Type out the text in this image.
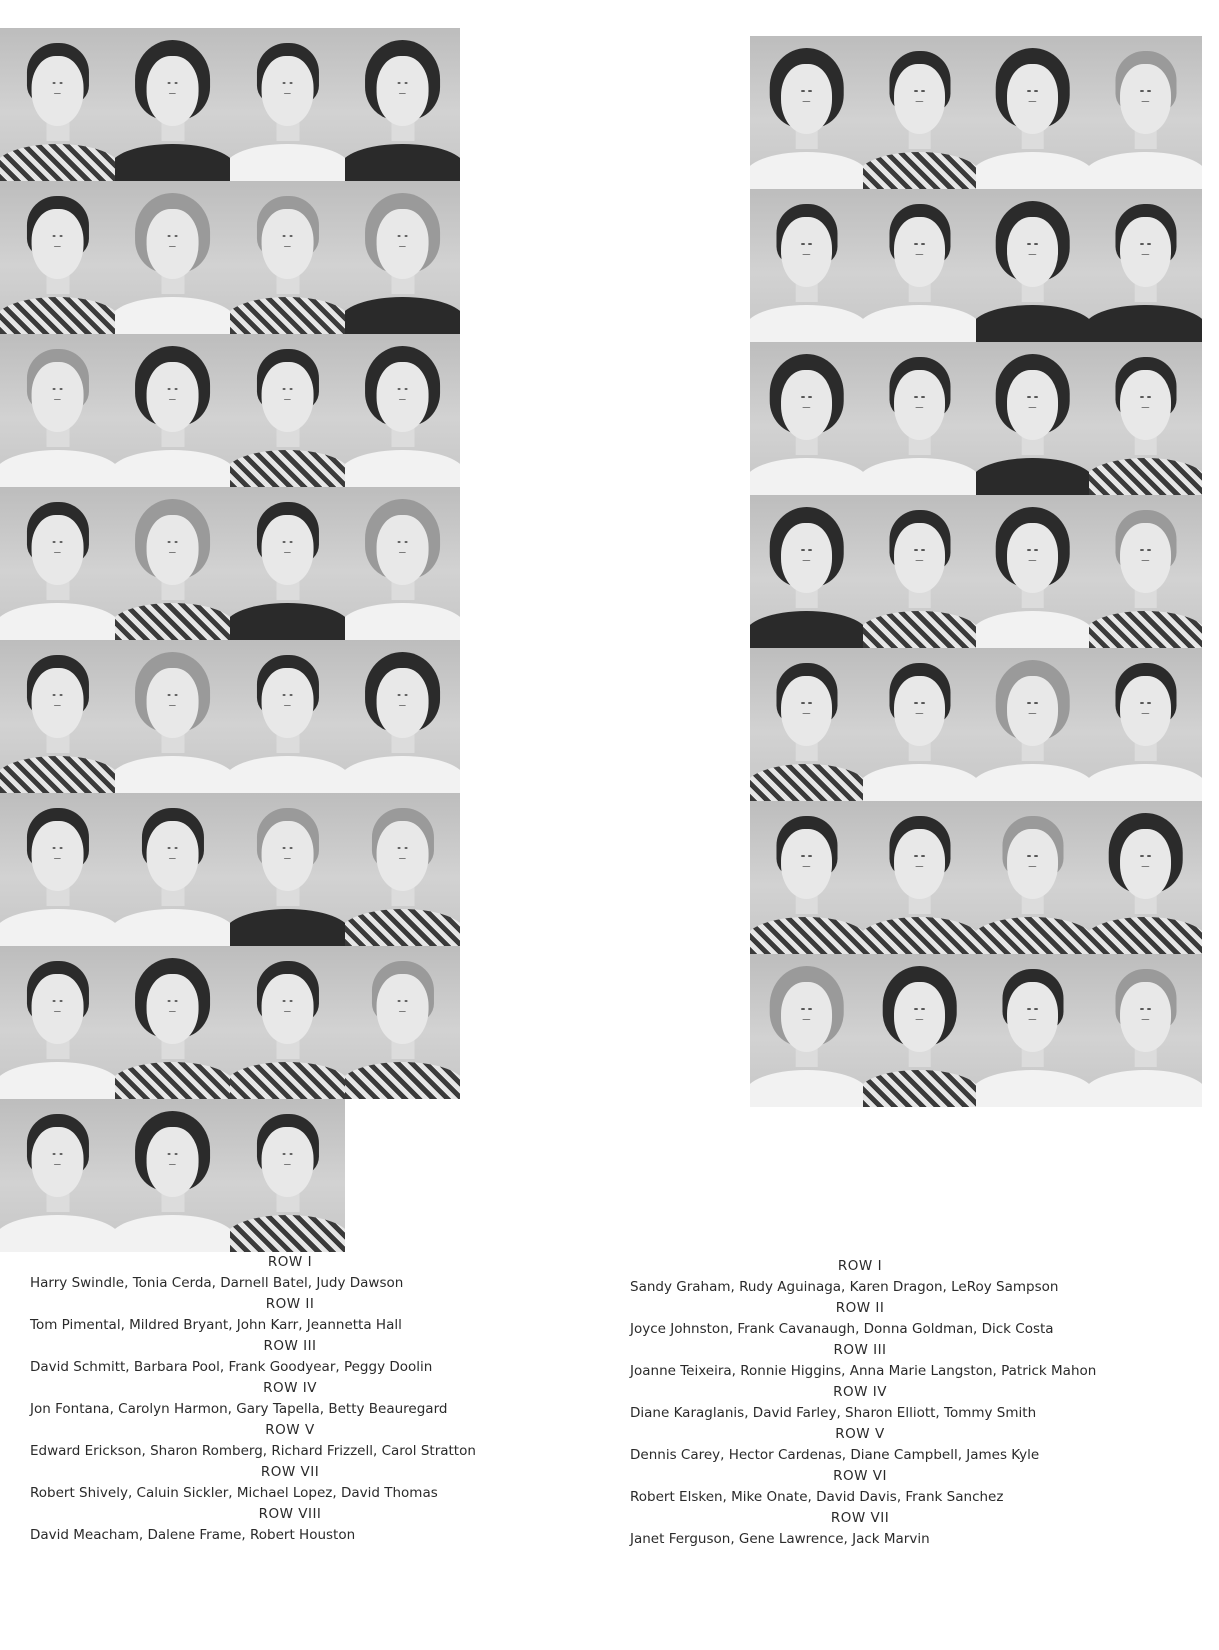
ROW I
Harry Swindle, Tonia Cerda, Darnell Batel, Judy Dawson
ROW II
Tom Pimental, Mildred Bryant, John Karr, Jeannetta Hall
ROW III
David Schmitt, Barbara Pool, Frank Goodyear, Peggy Doolin
ROW IV
Jon Fontana, Carolyn Harmon, Gary Tapella, Betty Beauregard
ROW V
Edward Erickson, Sharon Romberg, Richard Frizzell, Carol Stratton
ROW VII
Robert Shively, Caluin Sickler, Michael Lopez, David Thomas
ROW VIII
David Meacham, Dalene Frame, Robert Houston
ROW I
Sandy Graham, Rudy Aguinaga, Karen Dragon, LeRoy Sampson
ROW II
Joyce Johnston, Frank Cavanaugh, Donna Goldman, Dick Costa
ROW III
Joanne Teixeira, Ronnie Higgins, Anna Marie Langston, Patrick Mahon
ROW IV
Diane Karaglanis, David Farley, Sharon Elliott, Tommy Smith
ROW V
Dennis Carey, Hector Cardenas, Diane Campbell, James Kyle
ROW VI
Robert Elsken, Mike Onate, David Davis, Frank Sanchez
ROW VII
Janet Ferguson, Gene Lawrence, Jack Marvin
